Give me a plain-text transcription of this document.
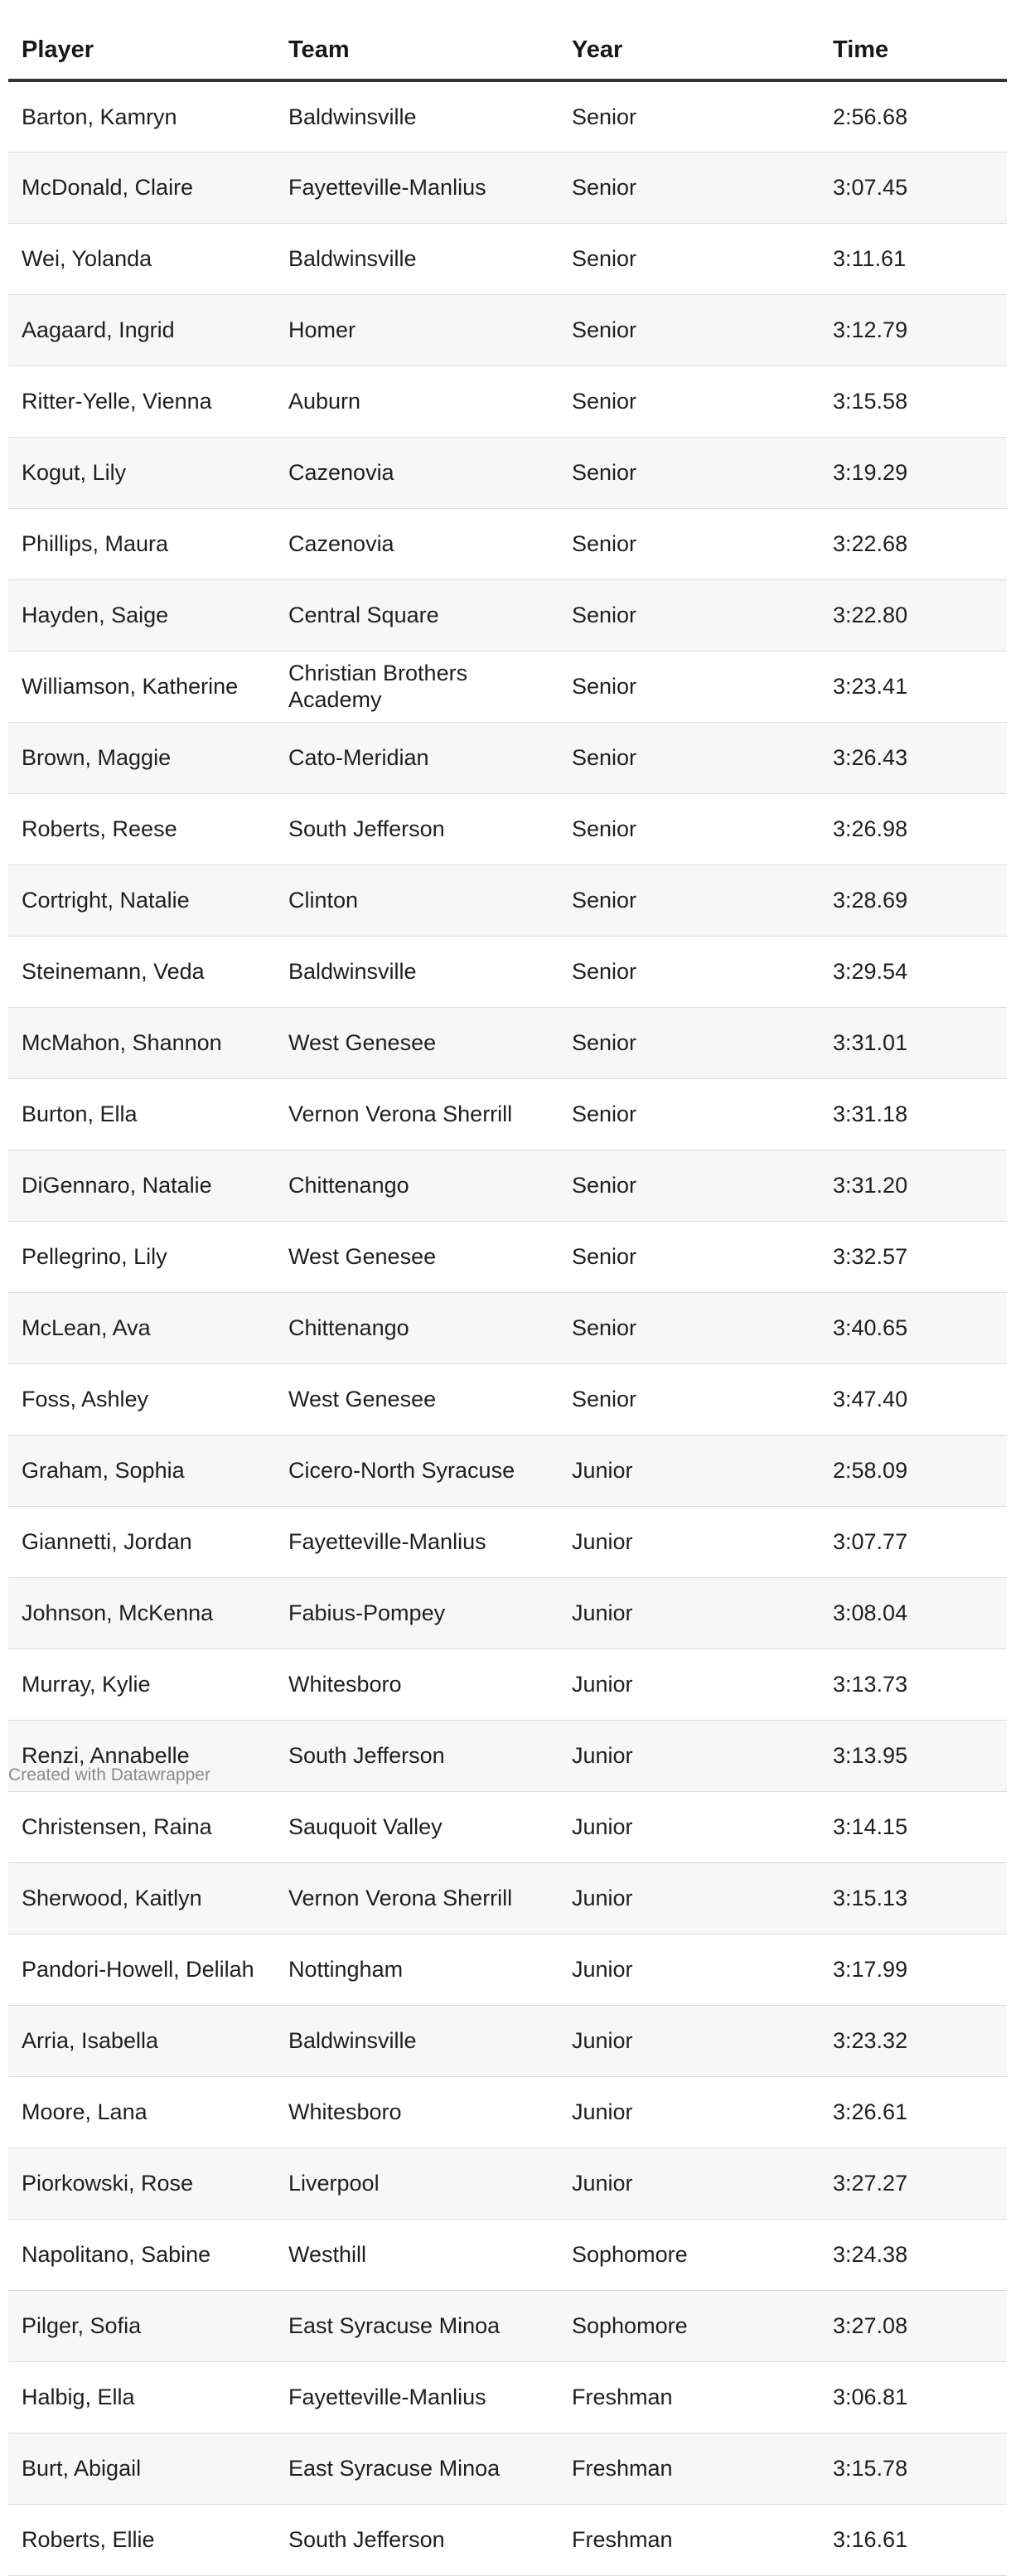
Player	Team	Year	Time
Barton, Kamryn	Baldwinsville	Senior	2:56.68
McDonald, Claire	Fayetteville-Manlius	Senior	3:07.45
Wei, Yolanda	Baldwinsville	Senior	3:11.61
Aagaard, Ingrid	Homer	Senior	3:12.79
Ritter-Yelle, Vienna	Auburn	Senior	3:15.58
Kogut, Lily	Cazenovia	Senior	3:19.29
Phillips, Maura	Cazenovia	Senior	3:22.68
Hayden, Saige	Central Square	Senior	3:22.80
Williamson, Katherine	Christian Brothers Academy	Senior	3:23.41
Brown, Maggie	Cato-Meridian	Senior	3:26.43
Roberts, Reese	South Jefferson	Senior	3:26.98
Cortright, Natalie	Clinton	Senior	3:28.69
Steinemann, Veda	Baldwinsville	Senior	3:29.54
McMahon, Shannon	West Genesee	Senior	3:31.01
Burton, Ella	Vernon Verona Sherrill	Senior	3:31.18
DiGennaro, Natalie	Chittenango	Senior	3:31.20
Pellegrino, Lily	West Genesee	Senior	3:32.57
McLean, Ava	Chittenango	Senior	3:40.65
Foss, Ashley	West Genesee	Senior	3:47.40
Graham, Sophia	Cicero-North Syracuse	Junior	2:58.09
Giannetti, Jordan	Fayetteville-Manlius	Junior	3:07.77
Johnson, McKenna	Fabius-Pompey	Junior	3:08.04
Murray, Kylie	Whitesboro	Junior	3:13.73
Renzi, Annabelle	South Jefferson	Junior	3:13.95
Christensen, Raina	Sauquoit Valley	Junior	3:14.15
Sherwood, Kaitlyn	Vernon Verona Sherrill	Junior	3:15.13
Pandori-Howell, Delilah	Nottingham	Junior	3:17.99
Arria, Isabella	Baldwinsville	Junior	3:23.32
Moore, Lana	Whitesboro	Junior	3:26.61
Piorkowski, Rose	Liverpool	Junior	3:27.27
Napolitano, Sabine	Westhill	Sophomore	3:24.38
Pilger, Sofia	East Syracuse Minoa	Sophomore	3:27.08
Halbig, Ella	Fayetteville-Manlius	Freshman	3:06.81
Burt, Abigail	East Syracuse Minoa	Freshman	3:15.78
Roberts, Ellie	South Jefferson	Freshman	3:16.61
Created with Datawrapper
